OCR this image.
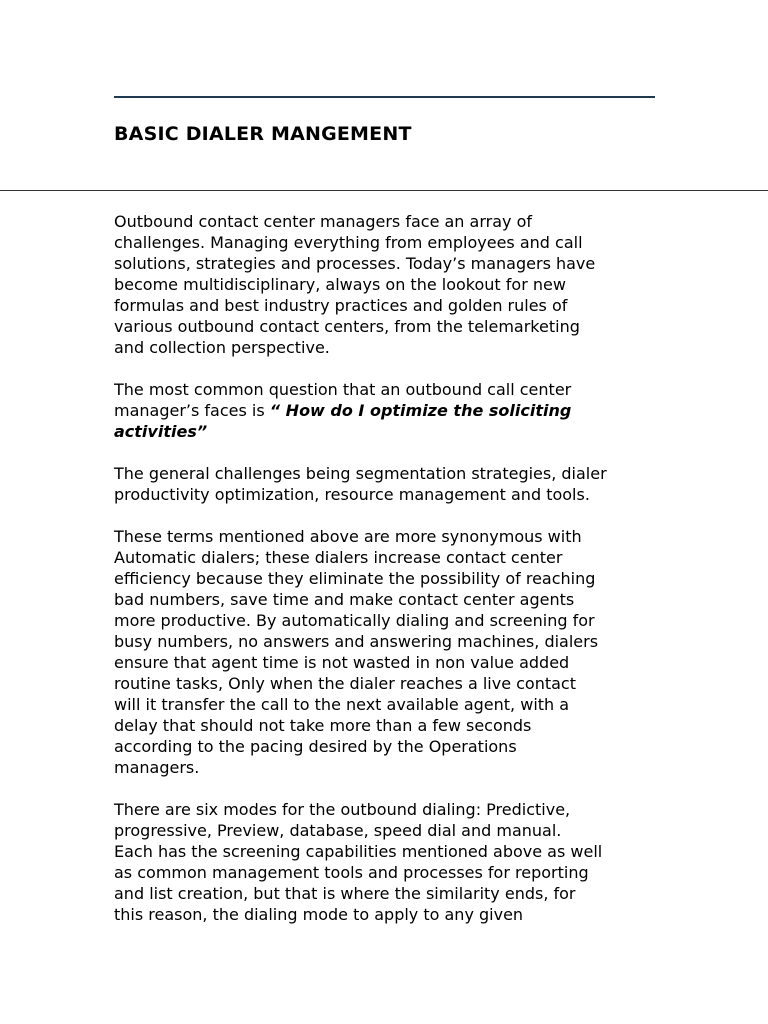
BASIC DIALER MANGEMENT

Outbound contact center managers face an array of
challenges. Managing everything from employees and call
solutions, strategies and processes. Today’s managers have
become multidisciplinary, always on the lookout for new
formulas and best industry practices and golden rules of
various outbound contact centers, from the telemarketing
and collection perspective.

The most common question that an outbound call center
manager’s faces is “ How do I optimize the soliciting
activities”

The general challenges being segmentation strategies, dialer
productivity optimization, resource management and tools.

These terms mentioned above are more synonymous with
Automatic dialers; these dialers increase contact center
efficiency because they eliminate the possibility of reaching
bad numbers, save time and make contact center agents
more productive. By automatically dialing and screening for
busy numbers, no answers and answering machines, dialers
ensure that agent time is not wasted in non value added
routine tasks, Only when the dialer reaches a live contact
will it transfer the call to the next available agent, with a
delay that should not take more than a few seconds
according to the pacing desired by the Operations
managers.

There are six modes for the outbound dialing: Predictive,
progressive, Preview, database, speed dial and manual.
Each has the screening capabilities mentioned above as well
as common management tools and processes for reporting
and list creation, but that is where the similarity ends, for
this reason, the dialing mode to apply to any given
